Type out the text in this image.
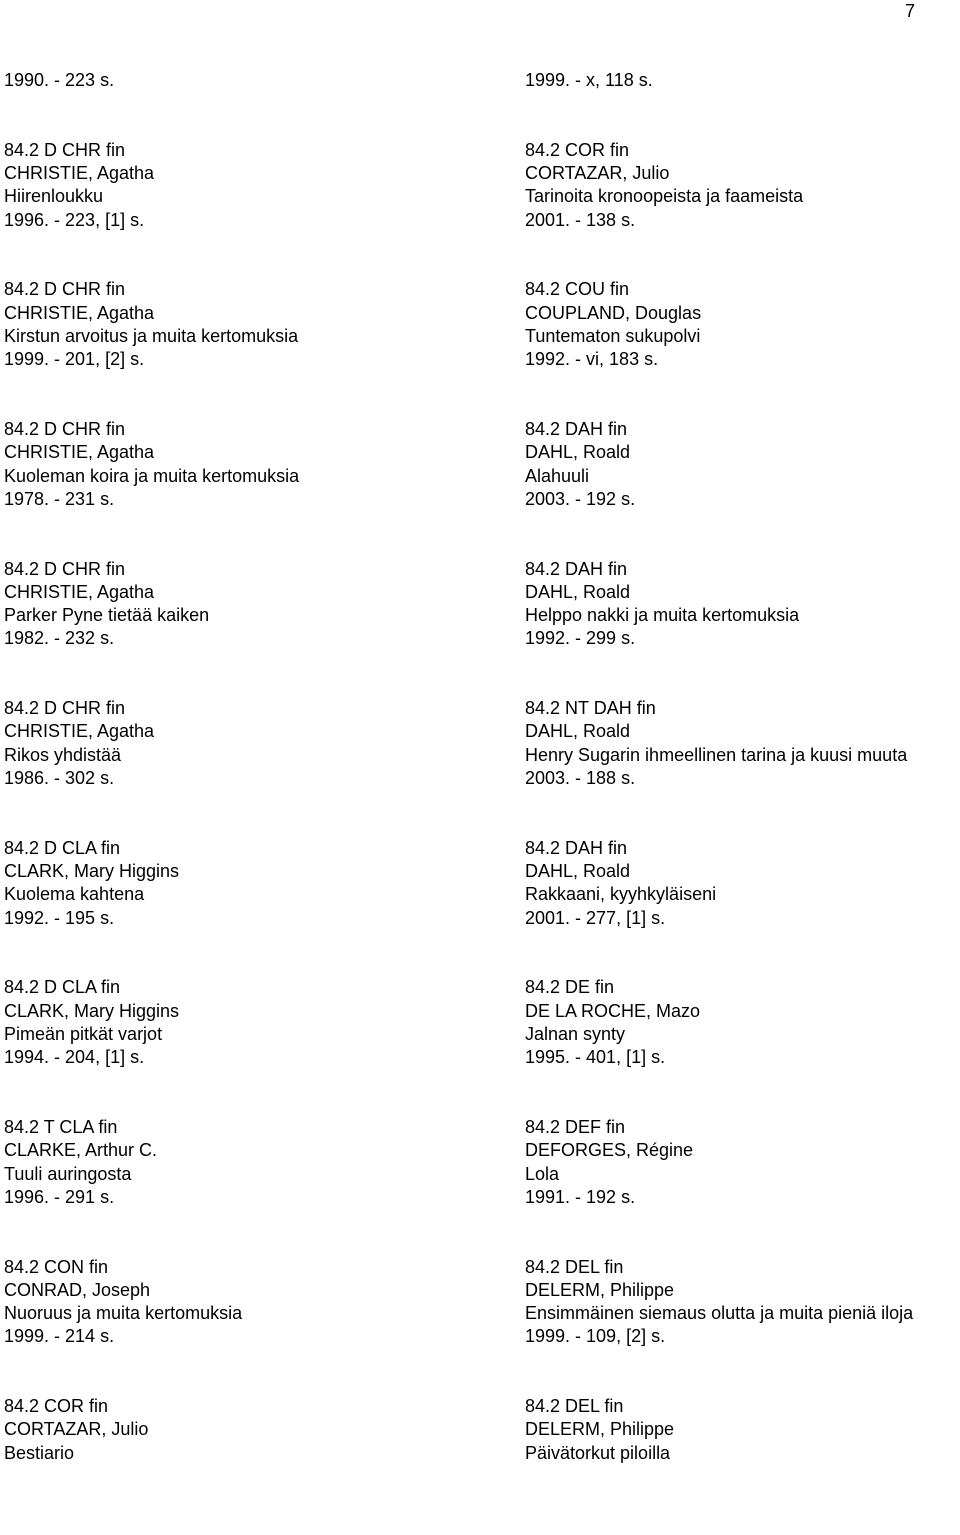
7
1990. - 223 s.
84.2 D CHR fin
CHRISTIE, Agatha
Hiirenloukku
1996. - 223, [1] s.
84.2 D CHR fin
CHRISTIE, Agatha
Kirstun arvoitus ja muita kertomuksia
1999. - 201, [2] s.
84.2 D CHR fin
CHRISTIE, Agatha
Kuoleman koira ja muita kertomuksia
1978. - 231 s.
84.2 D CHR fin
CHRISTIE, Agatha
Parker Pyne tietää kaiken
1982. - 232 s.
84.2 D CHR fin
CHRISTIE, Agatha
Rikos yhdistää
1986. - 302 s.
84.2 D CLA fin
CLARK, Mary Higgins
Kuolema kahtena
1992. - 195 s.
84.2 D CLA fin
CLARK, Mary Higgins
Pimeän pitkät varjot
1994. - 204, [1] s.
84.2 T CLA fin
CLARKE, Arthur C.
Tuuli auringosta
1996. - 291 s.
84.2 CON fin
CONRAD, Joseph
Nuoruus ja muita kertomuksia
1999. - 214 s.
84.2 COR fin
CORTAZAR, Julio
Bestiario
1999. - x, 118 s.
84.2 COR fin
CORTAZAR, Julio
Tarinoita kronoopeista ja faameista
2001. - 138 s.
84.2 COU fin
COUPLAND, Douglas
Tuntematon sukupolvi
1992. - vi, 183 s.
84.2 DAH fin
DAHL, Roald
Alahuuli
2003. - 192 s.
84.2 DAH fin
DAHL, Roald
Helppo nakki ja muita kertomuksia
1992. - 299 s.
84.2 NT DAH fin
DAHL, Roald
Henry Sugarin ihmeellinen tarina ja kuusi muuta
2003. - 188 s.
84.2 DAH fin
DAHL, Roald
Rakkaani, kyyhkyläiseni
2001. - 277, [1] s.
84.2 DE fin
DE LA ROCHE, Mazo
Jalnan synty
1995. - 401, [1] s.
84.2 DEF fin
DEFORGES, Régine
Lola
1991. - 192 s.
84.2 DEL fin
DELERM, Philippe
Ensimmäinen siemaus olutta ja muita pieniä iloja
1999. - 109, [2] s.
84.2 DEL fin
DELERM, Philippe
Päivätorkut piloilla
